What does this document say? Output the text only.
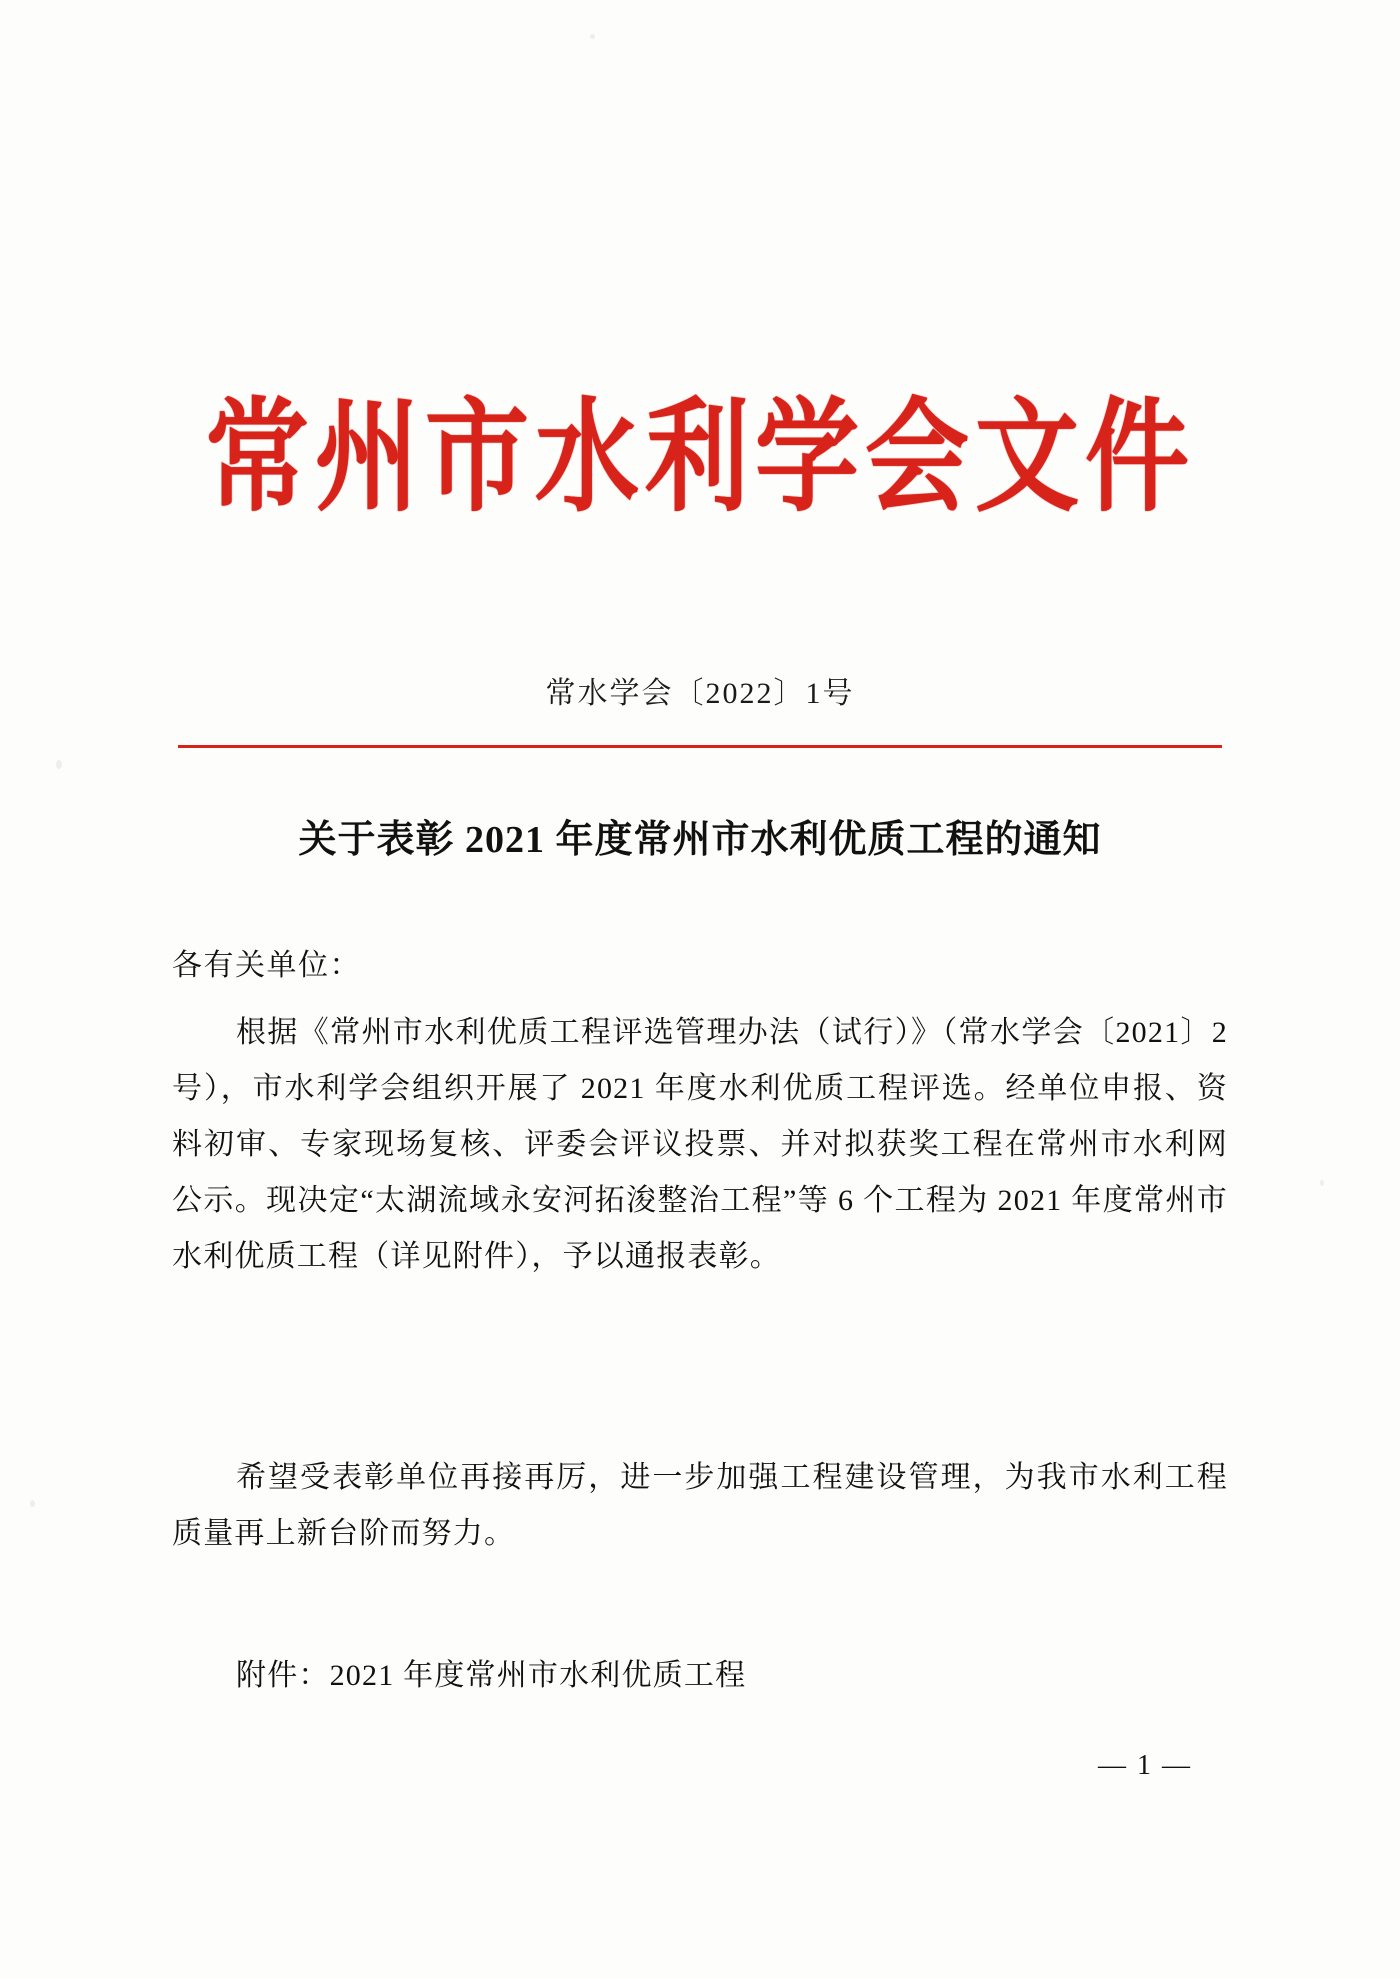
常州市水利学会文件
常水学会〔2022〕1号
关于表彰 2021 年度常州市水利优质工程的通知
各有关单位：
根据《常州市水利优质工程评选管理办法（试行）》（常水学会〔2021〕2号），市水利学会组织开展了 2021 年度水利优质工程评选。经单位申报、资料初审、专家现场复核、评委会评议投票、并对拟获奖工程在常州市水利网公示。现决定“太湖流域永安河拓浚整治工程”等 6 个工程为 2021 年度常州市水利优质工程（详见附件），予以通报表彰。
希望受表彰单位再接再厉，进一步加强工程建设管理，为我市水利工程质量再上新台阶而努力。
附件：2021 年度常州市水利优质工程
— 1 —
